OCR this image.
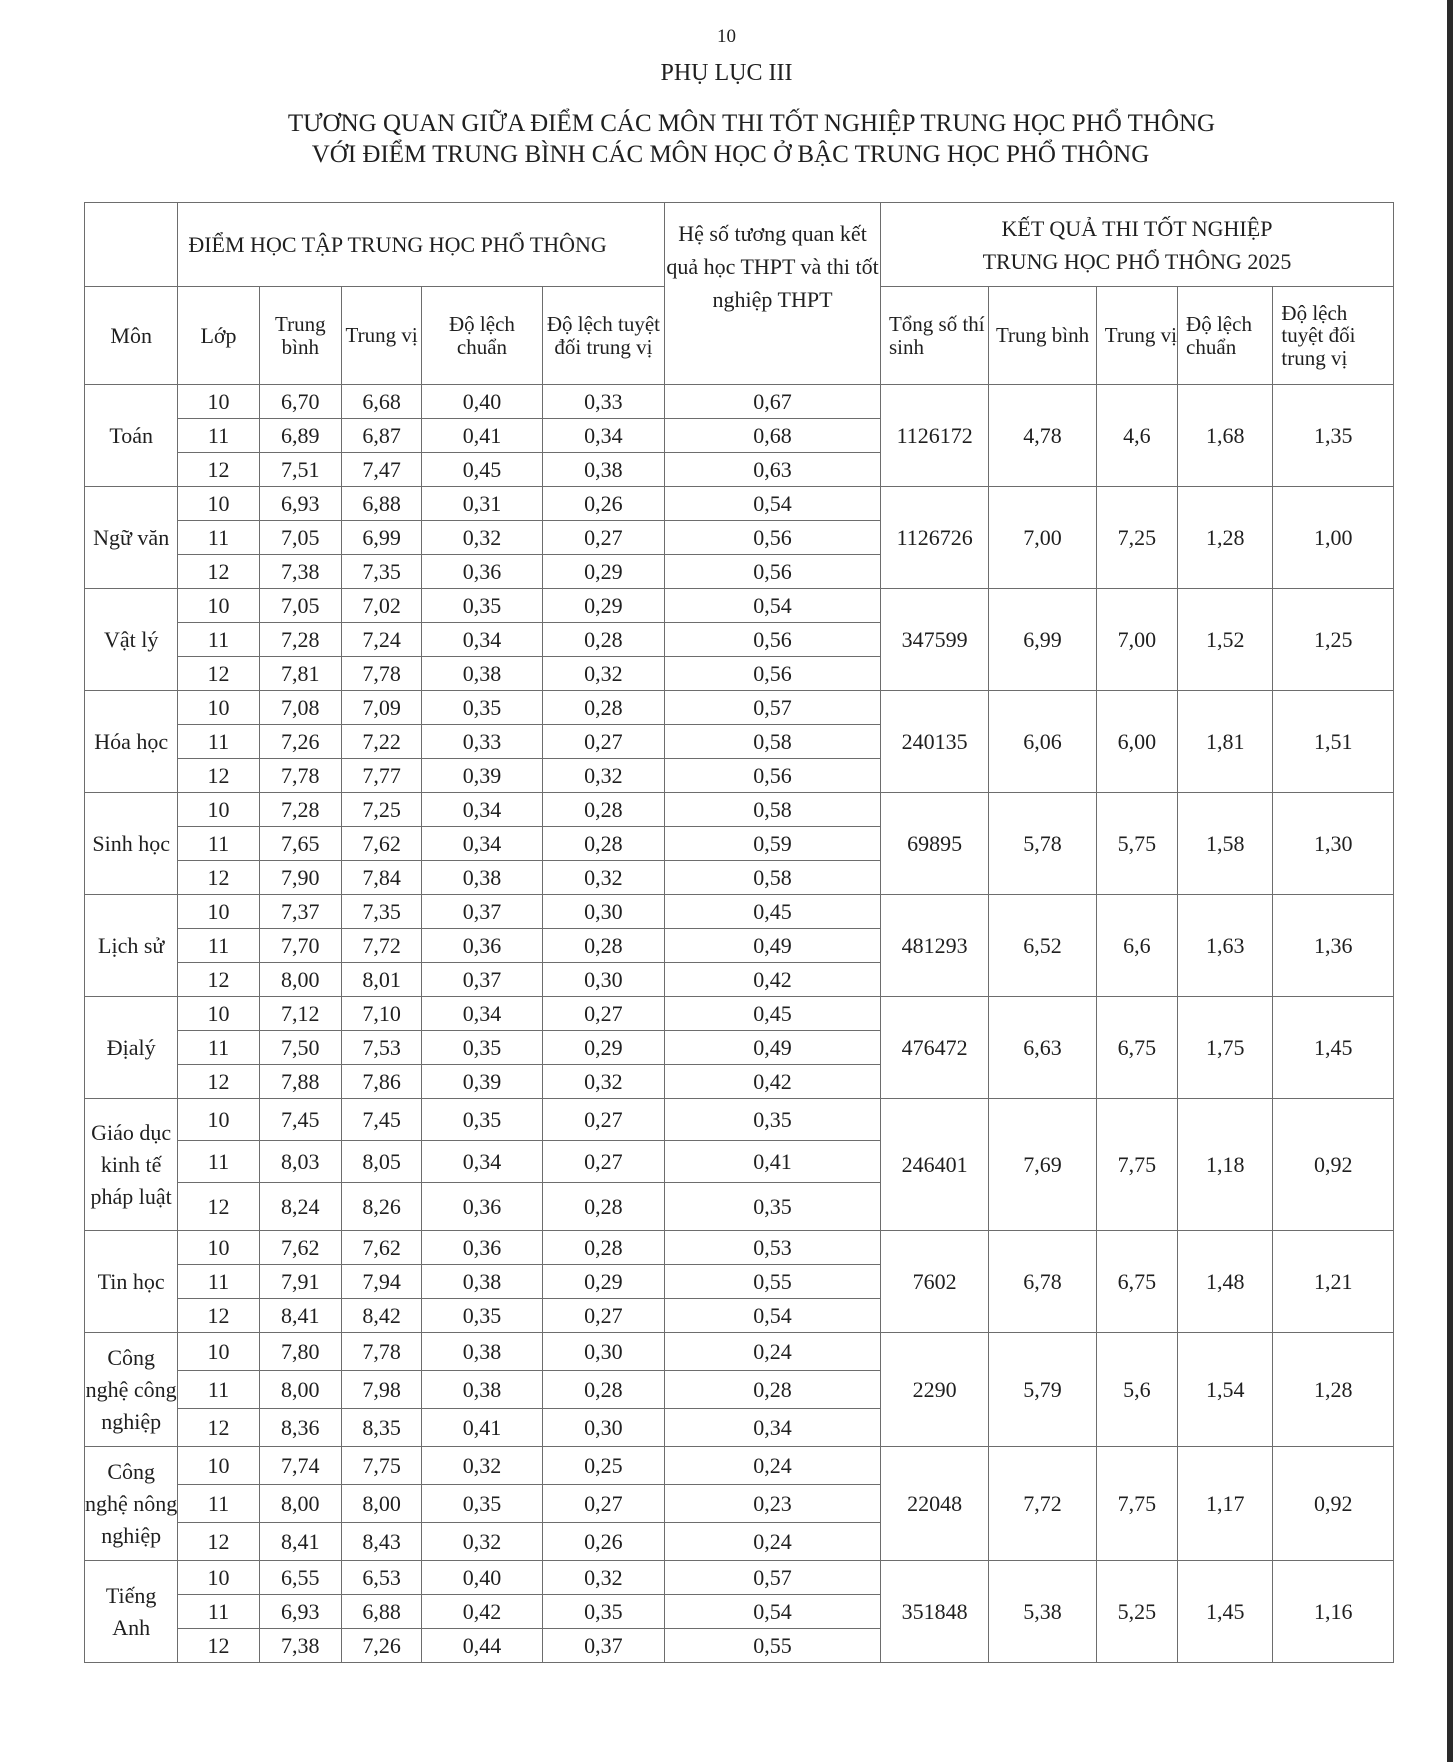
10
PHỤ LỤC III
TƯƠNG QUAN GIỮA ĐIỂM CÁC MÔN THI TỐT NGHIỆP TRUNG HỌC PHỔ THÔNG
VỚI ĐIỂM TRUNG BÌNH CÁC MÔN HỌC Ở BẬC TRUNG HỌC PHỔ THÔNG
	ĐIỂM HỌC TẬP TRUNG HỌC PHỔ THÔNG					Hệ số tương quan kết quả học THPT và thi tốt nghiệp THPT	KẾT QUẢ THI TỐT NGHIỆP
TRUNG HỌC PHỔ THÔNG 2025				
Môn	Lớp	Trung bình	Trung vị	Độ lệch chuẩn	Độ lệch tuyệt đối trung vị		Tổng số thí sinh	Trung bình	Trung vị	Độ lệch chuẩn	Độ lệch tuyệt đối trung vị
Toán	10	6,70	6,68	0,40	0,33	0,67	1126172	4,78	4,6	1,68	1,35
	11	6,89	6,87	0,41	0,34	0,68					
	12	7,51	7,47	0,45	0,38	0,63					
Ngữ văn	10	6,93	6,88	0,31	0,26	0,54	1126726	7,00	7,25	1,28	1,00
	11	7,05	6,99	0,32	0,27	0,56					
	12	7,38	7,35	0,36	0,29	0,56					
Vật lý	10	7,05	7,02	0,35	0,29	0,54	347599	6,99	7,00	1,52	1,25
	11	7,28	7,24	0,34	0,28	0,56					
	12	7,81	7,78	0,38	0,32	0,56					
Hóa học	10	7,08	7,09	0,35	0,28	0,57	240135	6,06	6,00	1,81	1,51
	11	7,26	7,22	0,33	0,27	0,58					
	12	7,78	7,77	0,39	0,32	0,56					
Sinh học	10	7,28	7,25	0,34	0,28	0,58	69895	5,78	5,75	1,58	1,30
	11	7,65	7,62	0,34	0,28	0,59					
	12	7,90	7,84	0,38	0,32	0,58					
Lịch sử	10	7,37	7,35	0,37	0,30	0,45	481293	6,52	6,6	1,63	1,36
	11	7,70	7,72	0,36	0,28	0,49					
	12	8,00	8,01	0,37	0,30	0,42					
Địalý	10	7,12	7,10	0,34	0,27	0,45	476472	6,63	6,75	1,75	1,45
	11	7,50	7,53	0,35	0,29	0,49					
	12	7,88	7,86	0,39	0,32	0,42					
Giáo dục kinh tế pháp luật	10	7,45	7,45	0,35	0,27	0,35	246401	7,69	7,75	1,18	0,92
	11	8,03	8,05	0,34	0,27	0,41					
	12	8,24	8,26	0,36	0,28	0,35					
Tin học	10	7,62	7,62	0,36	0,28	0,53	7602	6,78	6,75	1,48	1,21
	11	7,91	7,94	0,38	0,29	0,55					
	12	8,41	8,42	0,35	0,27	0,54					
Công nghệ công nghiệp	10	7,80	7,78	0,38	0,30	0,24	2290	5,79	5,6	1,54	1,28
	11	8,00	7,98	0,38	0,28	0,28					
	12	8,36	8,35	0,41	0,30	0,34					
Công nghệ nông nghiệp	10	7,74	7,75	0,32	0,25	0,24	22048	7,72	7,75	1,17	0,92
	11	8,00	8,00	0,35	0,27	0,23					
	12	8,41	8,43	0,32	0,26	0,24					
Tiếng Anh	10	6,55	6,53	0,40	0,32	0,57	351848	5,38	5,25	1,45	1,16
	11	6,93	6,88	0,42	0,35	0,54					
	12	7,38	7,26	0,44	0,37	0,55					
